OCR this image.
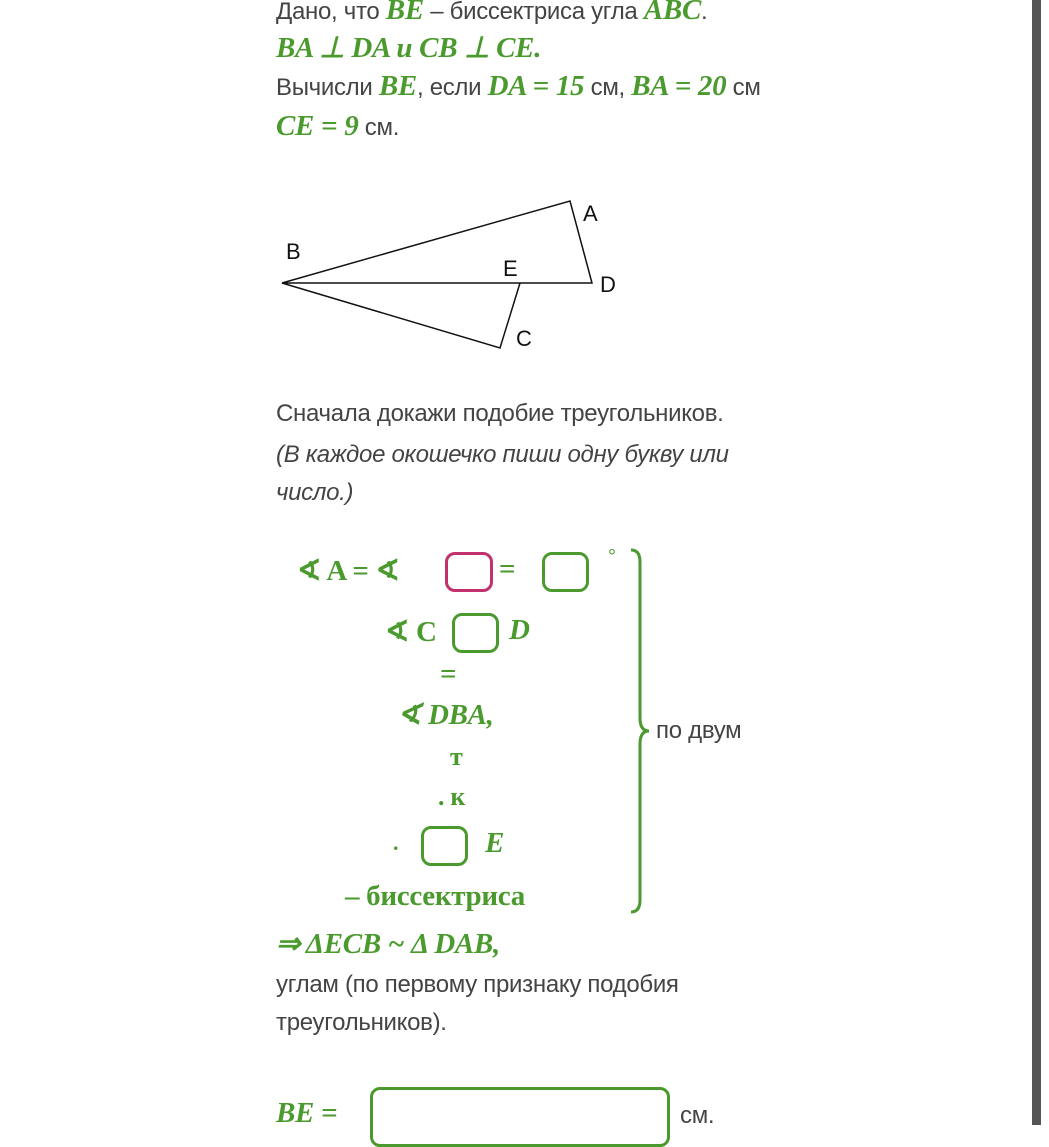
Дано, что BE – биссектриса угла ABC.
BA ⊥ DA и CB ⊥ CE.
Вычисли BE, если DA = 15 см, BA = 20 см
CE = 9 см.
A
B
E
D
C
Сначала докажи подобие треугольников.
(В каждое окошечко пиши одну букву или число.)
∢ A = ∢	=	°
∢ C D
=
∢ DBA,
т
. к
.	E
– биссектриса
по двум
⇒ ΔECB ~ Δ DAB,
углам (по первому признаку подобия треугольников).
BE =	см.
